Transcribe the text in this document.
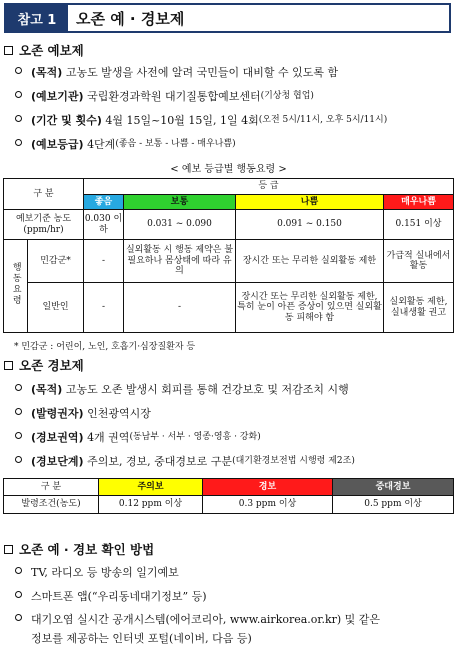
참고 1	오존 예 · 경보제
오존 예보제
(목적)
고농도 발생을 사전에 알려 국민들이 대비할 수 있도록 함
(예보기관)
국립환경과학원 대기질통합예보센터 (기상청 협업)
(기간 및 횟수)
4월 15일~10월 15일, 1일 4회 (오전 5시/11시, 오후 5시/11시)
(예보등급)
4단계 (좋음 - 보통 - 나쁨 - 매우나쁨)
< 예보 등급별 행동요령 >
구 분		등 급			
		좋음	보통	나쁨	매우나쁨
예보기준 농도(ppm/hr)		0.030 이하	0.031 ~ 0.090	0.091 ~ 0.150	0.151 이상
행동요령	민감군*	-	실외활동 시 행동 제약은 불필요하나 몸상태에 따라 유의	장시간 또는 무리한 실외활동 제한	가급적 실내에서 활동
	일반인	-	-	장시간 또는 무리한 실외활동 제한, 특히 눈이 아픈 증상이 있으면 실외활동 피해야 함	실외활동 제한, 실내생활 권고
* 민감군 : 어린이, 노인, 호흡기·심장질환자 등
오존 경보제
(목적)
고농도 오존 발생시 회피를 통해 건강보호 및 저감조치 시행
(발령권자)
인천광역시장
(경보권역)
4개 권역 (동남부 · 서부 · 영종·영흥 · 강화)
(경보단계)
주의보, 경보, 중대경보로 구분 (대기환경보전법 시행령 제2조)
구 분	주의보	경보	중대경보
발령조건(농도)	0.12 ppm 이상	0.3 ppm 이상	0.5 ppm 이상
오존 예 · 경보 확인 방법
TV, 라디오 등 방송의 일기예보
스마트폰 앱(“우리동네대기정보” 등)
대기오염 실시간 공개시스템(에어코리아, www.airkorea.or.kr) 및 같은
정보를 제공하는 인터넷 포털(네이버, 다음 등)
